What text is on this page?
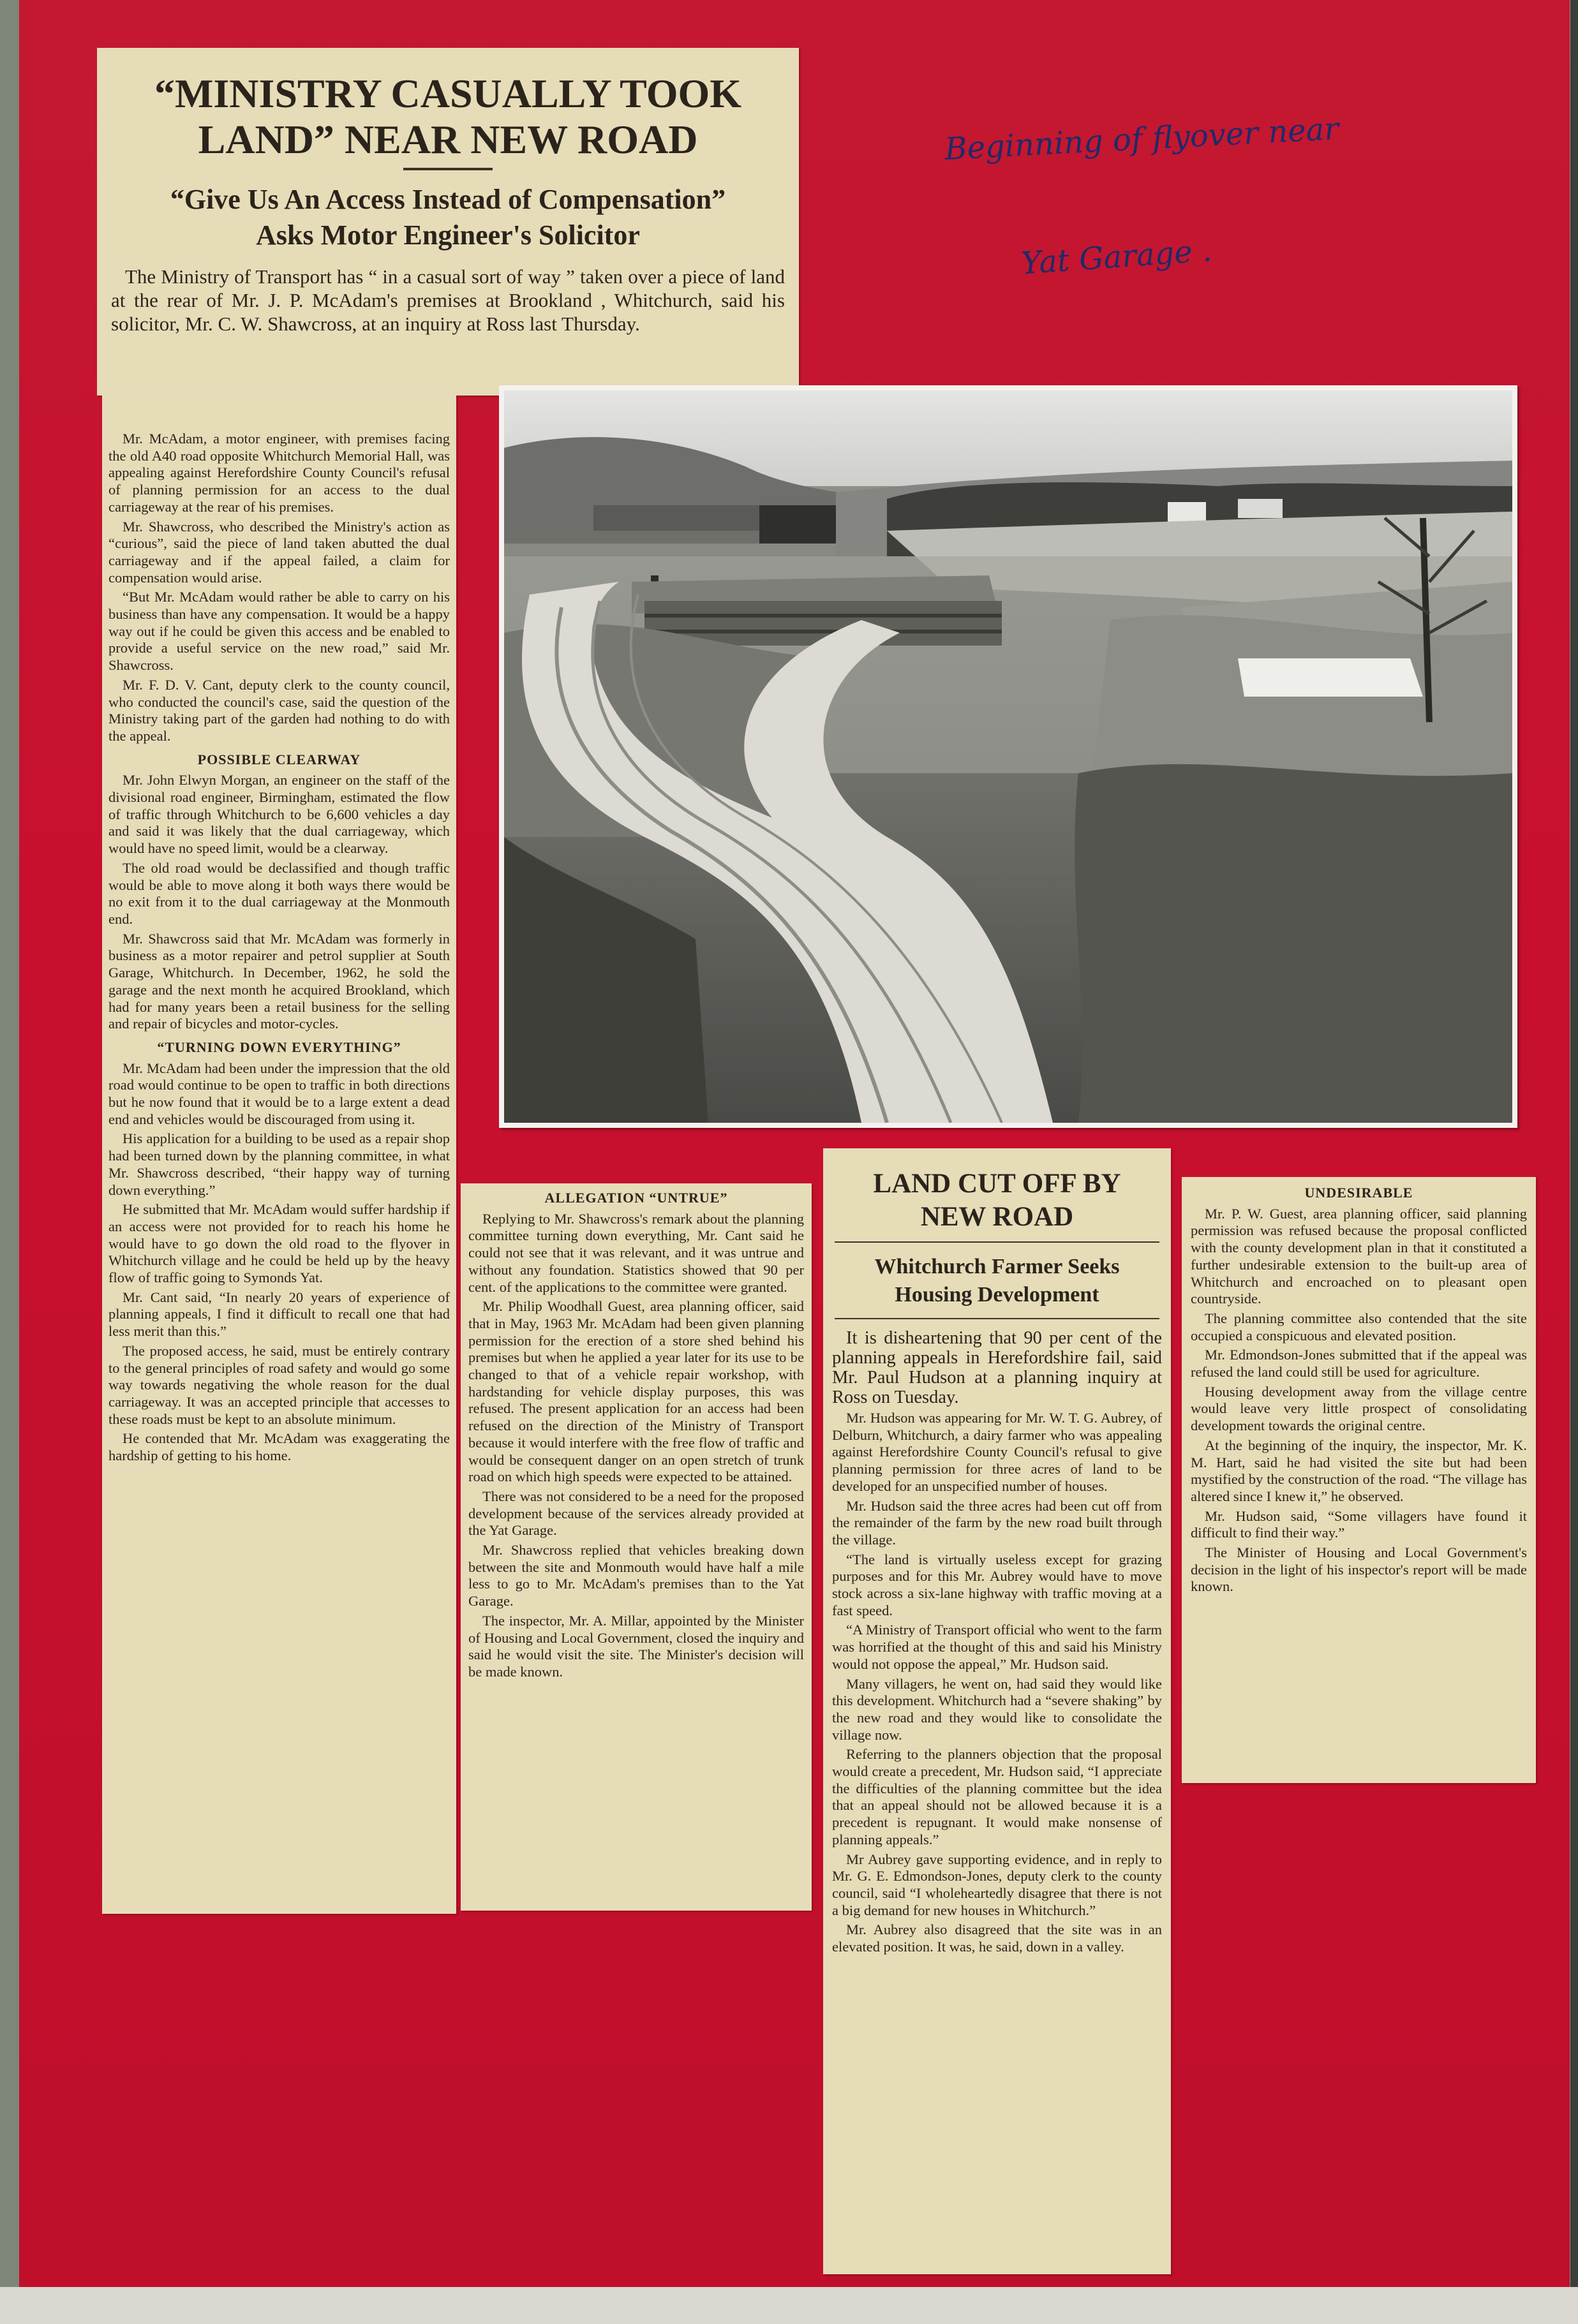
Beginning of flyover near
Yat Garage .
“MINISTRY CASUALLY TOOK
LAND” NEAR NEW ROAD
“Give Us An Access Instead of Compensation”
Asks Motor Engineer's Solicitor

The Ministry of Transport has “ in a casual sort of way ” taken over a piece of land at the rear of Mr. J. P. McAdam's premises at Brookland , Whitchurch, said his solicitor, Mr. C. W. Shawcross, at an inquiry at Ross last Thursday.

Mr. McAdam, a motor engineer, with premises facing the old A40 road opposite Whitchurch Memorial Hall, was appealing against Herefordshire County Council's refusal of planning permission for an access to the dual carriageway at the rear of his premises.

Mr. Shawcross, who described the Ministry's action as “curious”, said the piece of land taken abutted the dual carriageway and if the appeal failed, a claim for compensation would arise.

“But Mr. McAdam would rather be able to carry on his business than have any compensation. It would be a happy way out if he could be given this access and be enabled to provide a useful service on the new road,” said Mr. Shawcross.

Mr. F. D. V. Cant, deputy clerk to the county council, who conducted the council's case, said the question of the Ministry taking part of the garden had nothing to do with the appeal.

POSSIBLE CLEARWAY

Mr. John Elwyn Morgan, an engineer on the staff of the divisional road engineer, Birmingham, estimated the flow of traffic through Whitchurch to be 6,600 vehicles a day and said it was likely that the dual carriageway, which would have no speed limit, would be a clearway.

The old road would be declassified and though traffic would be able to move along it both ways there would be no exit from it to the dual carriageway at the Monmouth end.

Mr. Shawcross said that Mr. McAdam was formerly in business as a motor repairer and petrol supplier at South Garage, Whitchurch. In December, 1962, he sold the garage and the next month he acquired Brookland, which had for many years been a retail business for the selling and repair of bicycles and motor-cycles.

“TURNING DOWN EVERYTHING”

Mr. McAdam had been under the impression that the old road would continue to be open to traffic in both directions but he now found that it would be to a large extent a dead end and vehicles would be discouraged from using it.

His application for a building to be used as a repair shop had been turned down by the planning committee, in what Mr. Shawcross described, “their happy way of turning down everything.”

He submitted that Mr. McAdam would suffer hardship if an access were not provided for to reach his home he would have to go down the old road to the flyover in Whitchurch village and he could be held up by the heavy flow of traffic going to Symonds Yat.

Mr. Cant said, “In nearly 20 years of experience of planning appeals, I find it difficult to recall one that had less merit than this.”

The proposed access, he said, must be entirely contrary to the general principles of road safety and would go some way towards negativing the whole reason for the dual carriageway. It was an accepted principle that accesses to these roads must be kept to an absolute minimum.

He contended that Mr. McAdam was exaggerating the hardship of getting to his home.

ALLEGATION “UNTRUE”

Replying to Mr. Shawcross's remark about the planning committee turning down everything, Mr. Cant said he could not see that it was relevant, and it was untrue and without any foundation. Statistics showed that 90 per cent. of the applications to the committee were granted.

Mr. Philip Woodhall Guest, area planning officer, said that in May, 1963 Mr. McAdam had been given planning permission for the erection of a store shed behind his premises but when he applied a year later for its use to be changed to that of a vehicle repair workshop, with hardstanding for vehicle display purposes, this was refused. The present application for an access had been refused on the direction of the Ministry of Transport because it would interfere with the free flow of traffic and would be consequent danger on an open stretch of trunk road on which high speeds were expected to be attained.

There was not considered to be a need for the proposed development because of the services already provided at the Yat Garage.

Mr. Shawcross replied that vehicles breaking down between the site and Monmouth would have half a mile less to go to Mr. McAdam's premises than to the Yat Garage.

The inspector, Mr. A. Millar, appointed by the Minister of Housing and Local Government, closed the inquiry and said he would visit the site. The Minister's decision will be made known.

LAND CUT OFF BY
NEW ROAD
Whitchurch Farmer Seeks
Housing Development

It is disheartening that 90 per cent of the planning appeals in Herefordshire fail, said Mr. Paul Hudson at a planning inquiry at Ross on Tuesday.

Mr. Hudson was appearing for Mr. W. T. G. Aubrey, of Delburn, Whitchurch, a dairy farmer who was appealing against Herefordshire County Council's refusal to give planning permission for three acres of land to be developed for an unspecified number of houses.

Mr. Hudson said the three acres had been cut off from the remainder of the farm by the new road built through the village.

“The land is virtually useless except for grazing purposes and for this Mr. Aubrey would have to move stock across a six-lane highway with traffic moving at a fast speed.

“A Ministry of Transport official who went to the farm was horrified at the thought of this and said his Ministry would not oppose the appeal,” Mr. Hudson said.

Many villagers, he went on, had said they would like this development. Whitchurch had a “severe shaking” by the new road and they would like to consolidate the village now.

Referring to the planners objection that the proposal would create a precedent, Mr. Hudson said, “I appreciate the difficulties of the planning committee but the idea that an appeal should not be allowed because it is a precedent is repugnant. It would make nonsense of planning appeals.”

Mr Aubrey gave supporting evidence, and in reply to Mr. G. E. Edmondson-Jones, deputy clerk to the county council, said “I wholeheartedly disagree that there is not a big demand for new houses in Whitchurch.”

Mr. Aubrey also disagreed that the site was in an elevated position. It was, he said, down in a valley.

UNDESIRABLE

Mr. P. W. Guest, area planning officer, said planning permission was refused because the proposal conflicted with the county development plan in that it constituted a further undesirable extension to the built-up area of Whitchurch and encroached on to pleasant open countryside.

The planning committee also contended that the site occupied a conspicuous and elevated position.

Mr. Edmondson-Jones submitted that if the appeal was refused the land could still be used for agriculture.

Housing development away from the village centre would leave very little prospect of consolidating development towards the original centre.

At the beginning of the inquiry, the inspector, Mr. K. M. Hart, said he had visited the site but had been mystified by the construction of the road. “The village has altered since I knew it,” he observed.

Mr. Hudson said, “Some villagers have found it difficult to find their way.”

The Minister of Housing and Local Government's decision in the light of his inspector's report will be made known.
